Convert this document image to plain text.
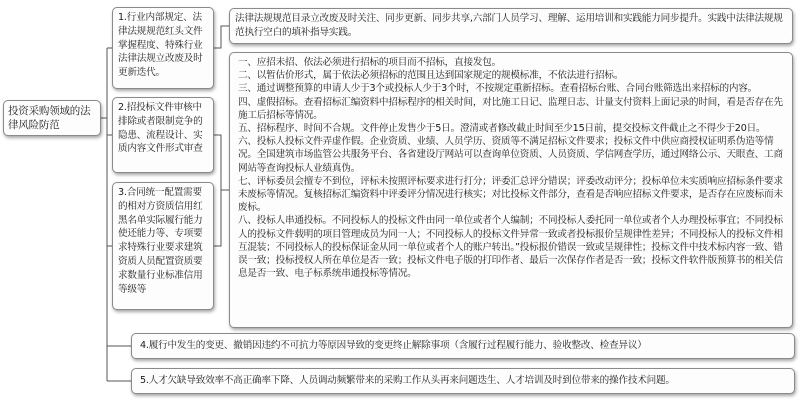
投资采购领域的法律风险防范
1.行业内部规定、法律法规规范红头文件掌握程度、特殊行业法律法规立改废及时更新迭代。
2.招投标文件审核中排除或者限制竞争的隐患、流程设计、实质内容文件形式审查
3.合同统一配置需要的相对方资质信用红黑名单实际履行能力使还能力等、专项要求特殊行业要求建筑资质人员配置资质要求数量行业标准信用等级等
4.履行中发生的变更、撤销因违约不可抗力等原因导致的变更终止解除事项（含履行过程履行能力、验收整改、检查异议）
5.人才欠缺导致效率不高正确率下降、人员调动频繁带来的采购工作从头再来问题迭生、人才培训及时到位带来的操作技术问题。
法律法规规范目录立改废及时关注、同步更新、同步共享,六部门人员学习、理解、运用培训和实践能力同步提升。实践中法律法规规范执行空白的填补指导实践。

一、应招未招、依法必须进行招标的项目而不招标，直接发包。

二、以暂估价形式，属于依法必须招标的范围且达到国家规定的规模标准，不依法进行招标。

三、通过调整预算的申请人少于3个或投标人少于3个时，不按规定重新招标。查看招标台账、合同台账筛选出来招标的内容。

四、虚假招标。查看招标汇编资料中招标程序的相关时间，对比施工日记、监理日志、计量支付资料上面记录的时间，看是否存在先施工后招标等情况。

五、招标程序、时间不合规。文件停止发售少于5日。澄清或者修改截止时间至少15日前，提交投标文件截止之不得少于20日。

六、投标人投标文件弄虚作假。企业资质、业绩、人员学历、资质等不满足招标文件要求；投标文件中供应商授权证明系伪造等情况。全国建筑市场监管公共服务平台、各省建设厅网站可以查询单位资质、人员资质、学信网查学历，通过网络公示、天眼查、工商网站等查询投标人业绩真伪。

七、评标委员会擅专不到位，评标未按照评标要求进行打分；评委汇总评分错误；评委改动评分；投标单位未实质响应招标条件要求未废标等情况。复核招标汇编资料中评委评分情况进行核实；对比投标文件部分，查看是否响应招标文件要求，是否存在应废标而未废标。

八、投标人串通投标。不同投标人的投标文件由同一单位或者个人编制；不同投标人委托同一单位或者个人办理投标事宜；不同投标人的投标文件载明的项目管理成员为同一人；不同投标人的投标文件异常一致或者投标报价呈规律性差异；不同投标人的投标文件相互混装；不同投标人的投标保证金从同一单位或者个人的账户转出。”投标报价错误一致或呈规律性；投标文件中技术标内容一致、错误一致；投标授权人所在单位是否一致；投标文件电子版的打印作者、最后一次保存作者是否一致；投标文件软件版预算书的相关信息是否一致、电子标系统串通投标等情况。
